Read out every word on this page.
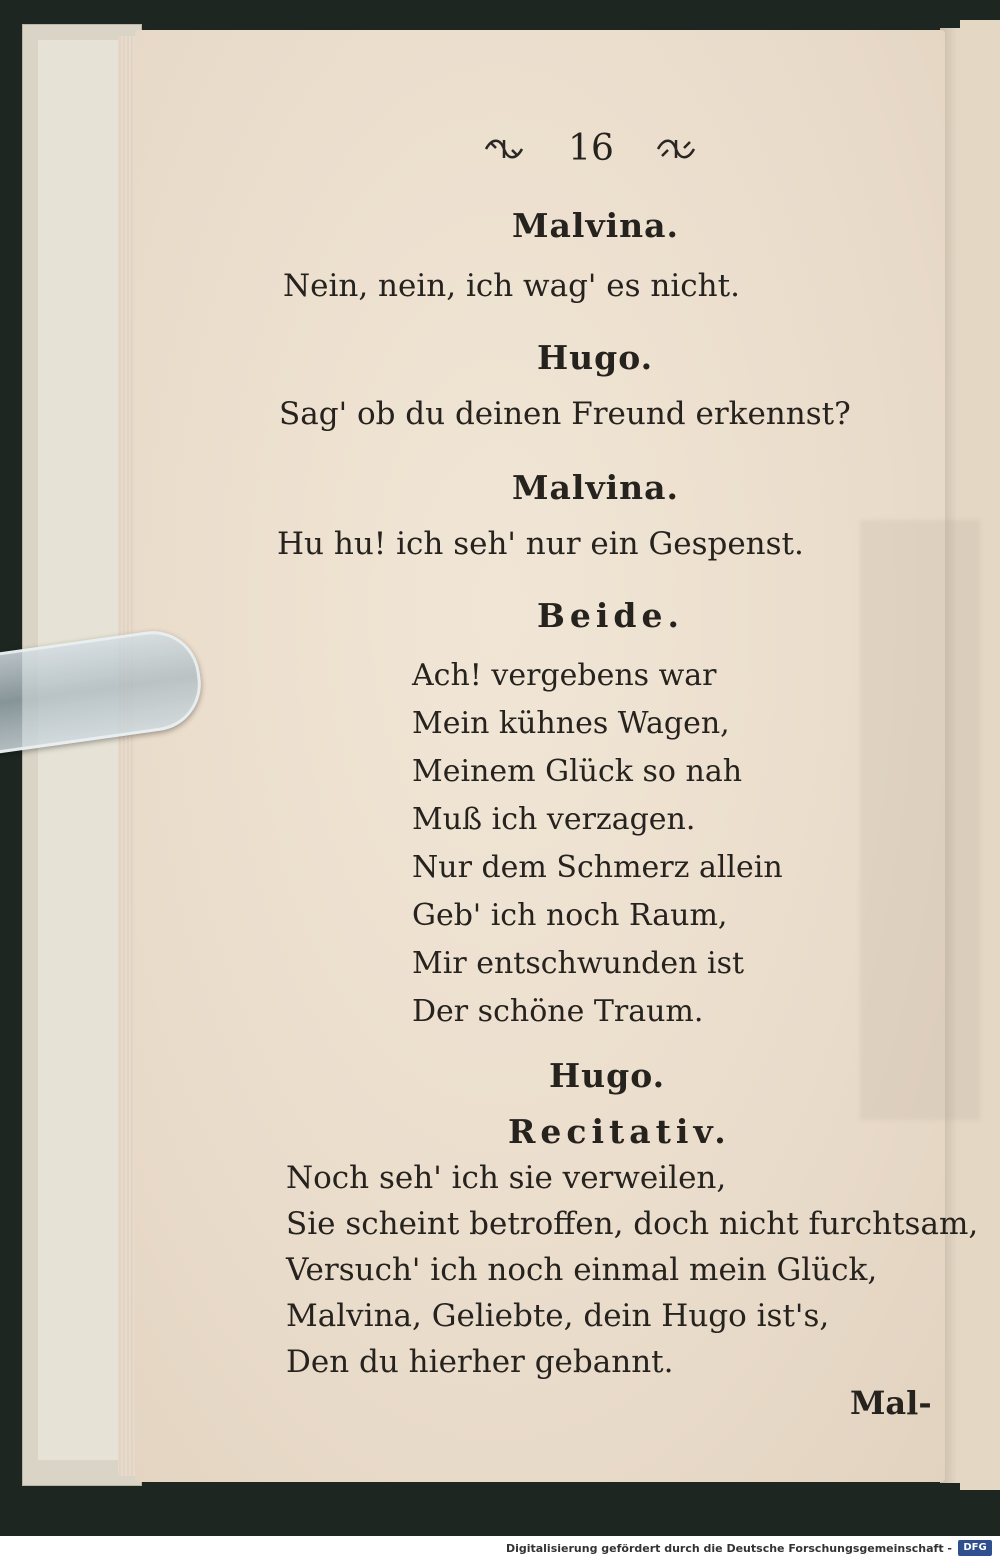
16
Malvina.
Nein, nein, ich wag' es nicht.
Hugo.
Sag' ob du deinen Freund erkennst?
Malvina.
Hu hu! ich seh' nur ein Gespenst.
Beide.
Ach! vergebens war
Mein kühnes Wagen,
Meinem Glück so nah
Muß ich verzagen.
Nur dem Schmerz allein
Geb' ich noch Raum,
Mir entschwunden ist
Der schöne Traum.
Hugo.
Recitativ.
Noch seh' ich sie verweilen,
Sie scheint betroffen, doch nicht furchtsam,
Versuch' ich noch einmal mein Glück,
Malvina, Geliebte, dein Hugo ist's,
Den du hierher gebannt.
Mal-
Digitalisierung gefördert durch die Deutsche Forschungsgemeinschaft -	DFG
